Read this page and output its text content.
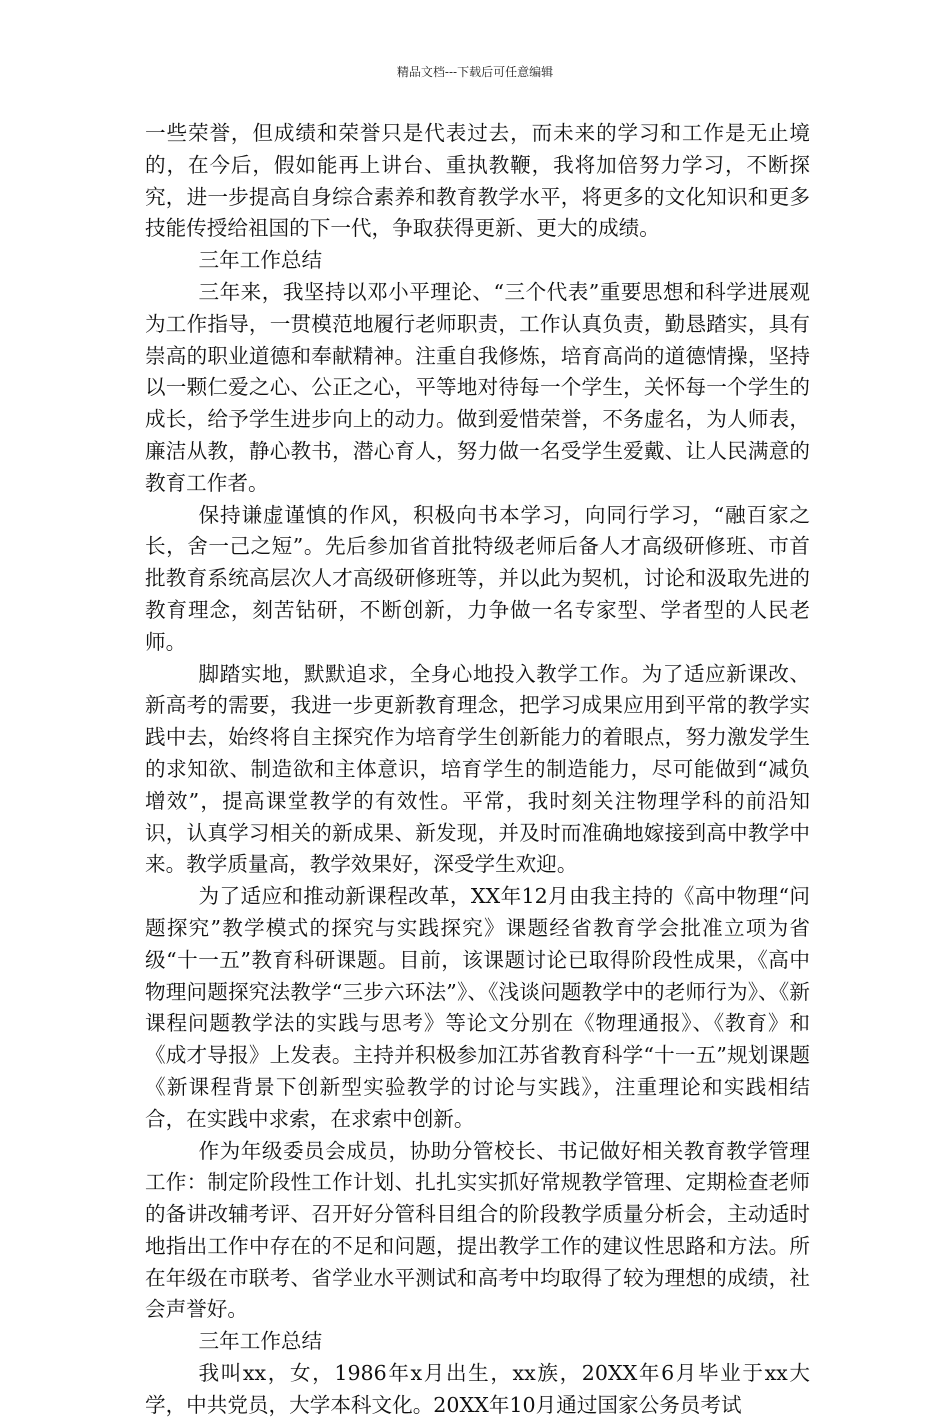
精品文档---下载后可任意编辑

一些荣誉，但成绩和荣誉只是代表过去，而未来的学习和工作是无止境的，在今后，假如能再上讲台、重执教鞭，我将加倍努力学习，不断探究，进一步提高自身综合素养和教育教学水平，将更多的文化知识和更多技能传授给祖国的下一代，争取获得更新、更大的成绩。

三年工作总结

三年来，我坚持以邓小平理论、“三个代表”重要思想和科学进展观为工作指导，一贯模范地履行老师职责，工作认真负责，勤恳踏实，具有崇高的职业道德和奉献精神。注重自我修炼，培育高尚的道德情操，坚持以一颗仁爱之心、公正之心，平等地对待每一个学生，关怀每一个学生的成长，给予学生进步向上的动力。做到爱惜荣誉，不务虚名，为人师表，廉洁从教，静心教书，潜心育人，努力做一名受学生爱戴、让人民满意的教育工作者。

保持谦虚谨慎的作风，积极向书本学习，向同行学习，“融百家之长，舍一己之短”。先后参加省首批特级老师后备人才高级研修班、市首批教育系统高层次人才高级研修班等，并以此为契机，讨论和汲取先进的教育理念，刻苦钻研，不断创新，力争做一名专家型、学者型的人民老师。

脚踏实地，默默追求，全身心地投入教学工作。为了适应新课改、新高考的需要，我进一步更新教育理念，把学习成果应用到平常的教学实践中去，始终将自主探究作为培育学生创新能力的着眼点，努力激发学生的求知欲、制造欲和主体意识，培育学生的制造能力，尽可能做到“减负增效”，提高课堂教学的有效性。平常，我时刻关注物理学科的前沿知识，认真学习相关的新成果、新发现，并及时而准确地嫁接到高中教学中来。教学质量高，教学效果好，深受学生欢迎。

为了适应和推动新课程改革，XX年12月由我主持的《高中物理“问题探究”教学模式的探究与实践探究》课题经省教育学会批准立项为省级“十一五”教育科研课题。目前，该课题讨论已取得阶段性成果，《高中物理问题探究法教学“三步六环法”》、《浅谈问题教学中的老师行为》、《新课程问题教学法的实践与思考》等论文分别在《物理通报》、《教育》和《成才导报》上发表。主持并积极参加江苏省教育科学“十一五”规划课题《新课程背景下创新型实验教学的讨论与实践》，注重理论和实践相结合，在实践中求索，在求索中创新。

作为年级委员会成员，协助分管校长、书记做好相关教育教学管理工作：制定阶段性工作计划、扎扎实实抓好常规教学管理、定期检查老师的备讲改辅考评、召开好分管科目组合的阶段教学质量分析会，主动适时地指出工作中存在的不足和问题，提出教学工作的建议性思路和方法。所在年级在市联考、省学业水平测试和高考中均取得了较为理想的成绩，社会声誉好。

三年工作总结

我叫xx，女，1986年x月出生，xx族，20XX年6月毕业于xx大学，中共党员，大学本科文化。20XX年10月通过国家公务员考试
